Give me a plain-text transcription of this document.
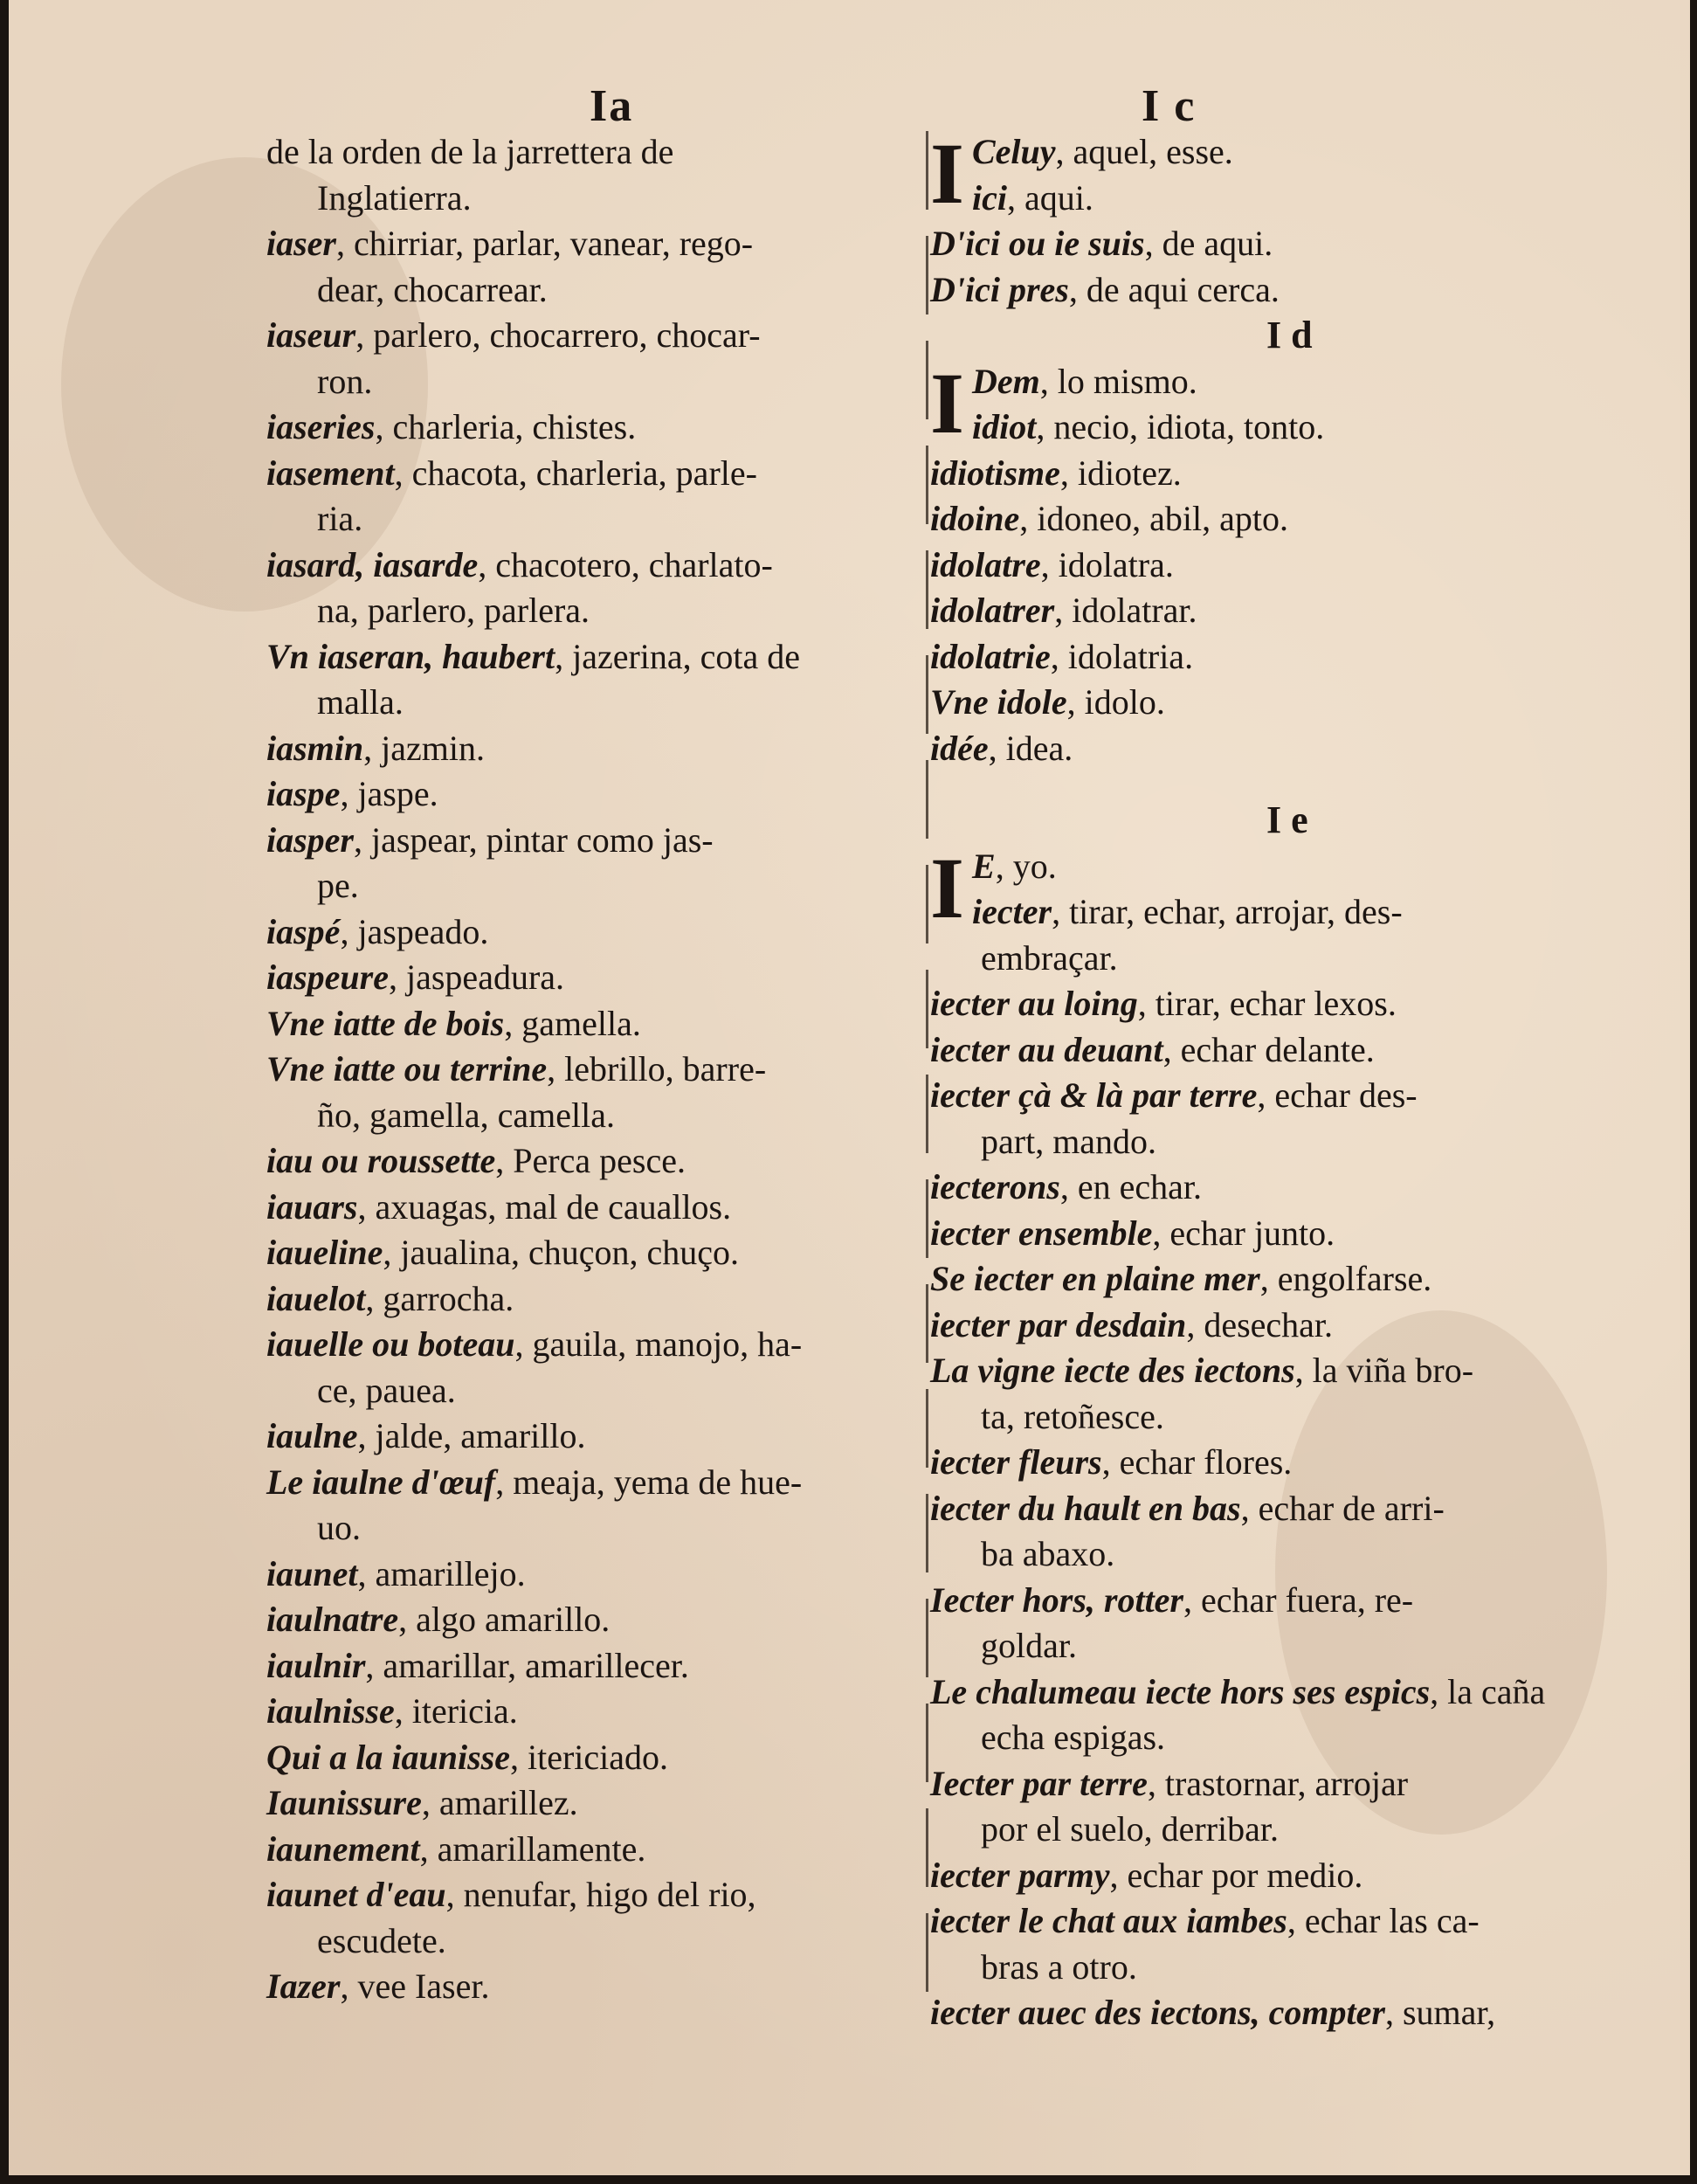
Ia
de la orden de la jarrettera de
Inglatierra.
iaser, chirriar, parlar, vanear, rego-
dear, chocarrear.
iaseur, parlero, chocarrero, chocar-
ron.
iaseries, charleria, chistes.
iasement, chacota, charleria, parle-
ria.
iasard, iasarde, chacotero, charlato-
na, parlero, parlera.
Vn iaseran, haubert, jazerina, cota de
malla.
iasmin, jazmin.
iaspe, jaspe.
iasper, jaspear, pintar como jas-
pe.
iaspé, jaspeado.
iaspeure, jaspeadura.
Vne iatte de bois, gamella.
Vne iatte ou terrine, lebrillo, barre-
ño, gamella, camella.
iau ou roussette, Perca pesce.
iauars, axuagas, mal de cauallos.
iaueline, jaualina, chuçon, chuço.
iauelot, garrocha.
iauelle ou boteau, gauila, manojo, ha-
ce, pauea.
iaulne, jalde, amarillo.
Le iaulne d'œuf, meaja, yema de hue-
uo.
iaunet, amarillejo.
iaulnatre, algo amarillo.
iaulnir, amarillar, amarillecer.
iaulnisse, itericia.
Qui a la iaunisse, itericiado.
Iaunissure, amarillez.
iaunement, amarillamente.
iaunet d'eau, nenufar, higo del rio,
escudete.
Iazer, vee Iaser.
I c
I Celuy, aquel, esse.
ici, aqui.
D'ici ou ie suis, de aqui.
D'ici pres, de aqui cerca.
I d
I Dem, lo mismo.
idiot, necio, idiota, tonto.
idiotisme, idiotez.
idoine, idoneo, abil, apto.
idolatre, idolatra.
idolatrer, idolatrar.
idolatrie, idolatria.
Vne idole, idolo.
idée, idea.
I e
I E, yo.
iecter, tirar, echar, arrojar, des-
embraçar.
iecter au loing, tirar, echar lexos.
iecter au deuant, echar delante.
iecter çà & là par terre, echar des-
part, mando.
iecterons, en echar.
iecter ensemble, echar junto.
Se iecter en plaine mer, engolfarse.
iecter par desdain, desechar.
La vigne iecte des iectons, la viña bro-
ta, retoñesce.
iecter fleurs, echar flores.
iecter du hault en bas, echar de arri-
ba abaxo.
Iecter hors, rotter, echar fuera, re-
goldar.
Le chalumeau iecte hors ses espics, la caña
echa espigas.
Iecter par terre, trastornar, arrojar
por el suelo, derribar.
iecter parmy, echar por medio.
iecter le chat aux iambes, echar las ca-
bras a otro.
iecter auec des iectons, compter, sumar,
